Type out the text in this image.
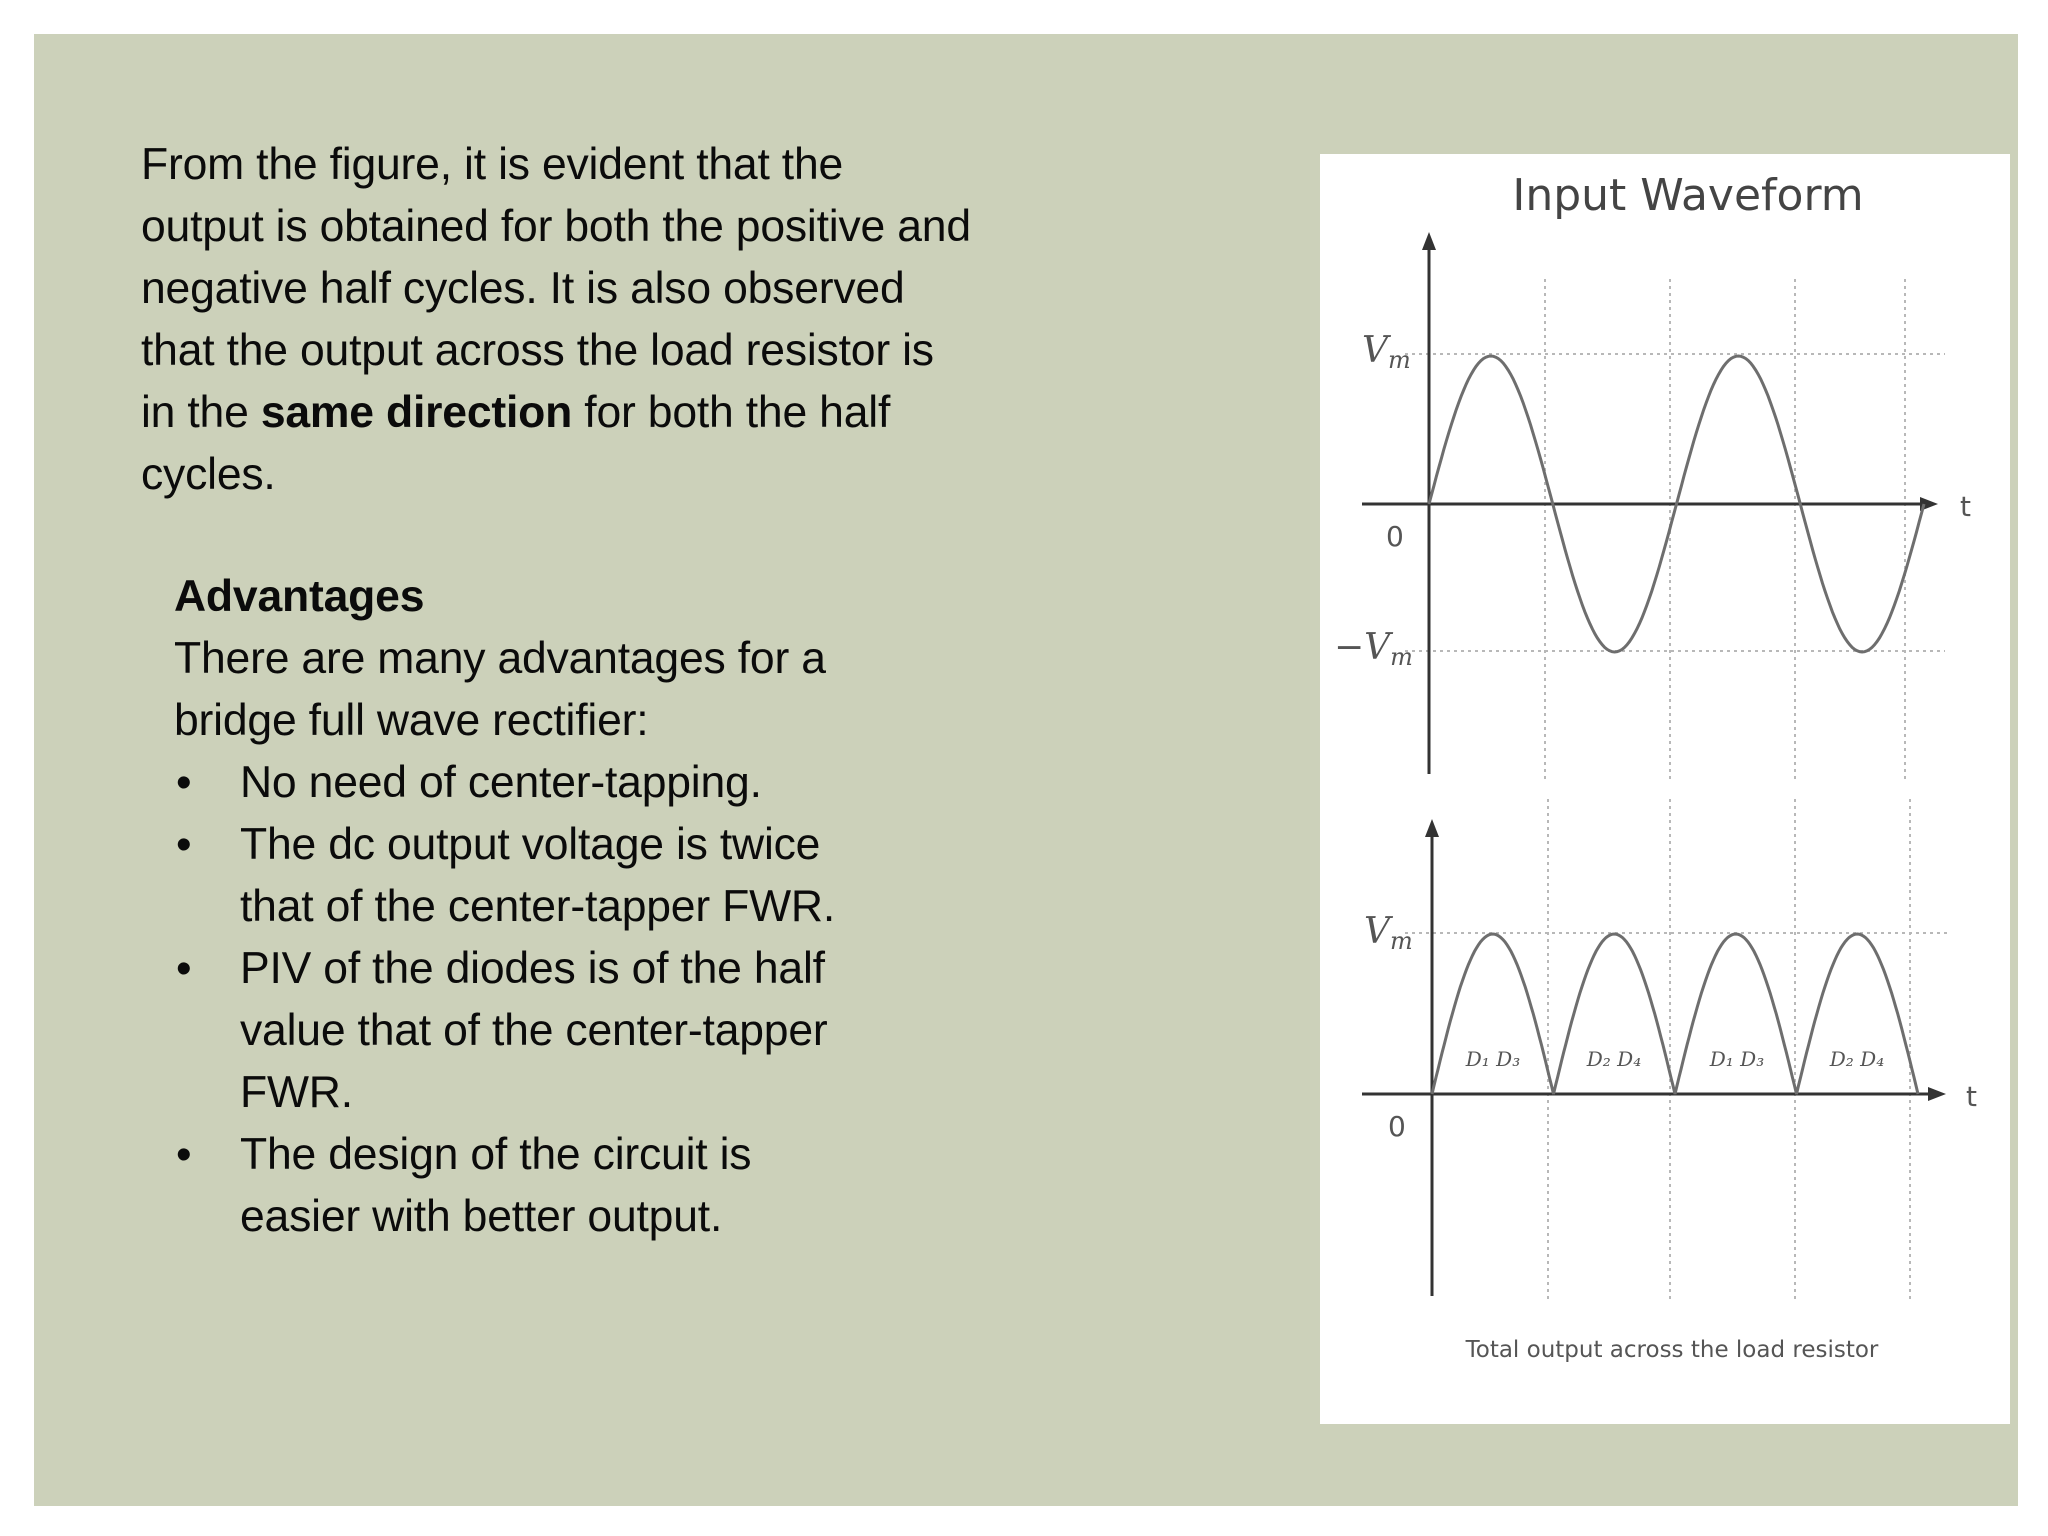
From the figure, it is evident that the

output is obtained for both the positive and

negative half cycles. It is also observed

that the output across the load resistor is

in the same direction for both the half

cycles.

Advantages

There are many advantages for a
bridge full wave rectifier:

• No need of center-tapping.
• The dc output voltage is twice
that of the center-tapper FWR.
• PIV of the diodes is of the half
value that of the center-tapper
FWR.
• The design of the circuit is
easier with better output.
Input Waveform
Total output across the load resistor
t
t
Vm
−Vm
0
Vm
0
D₁ D₃	D₂ D₄	D₁ D₃	D₂ D₄
